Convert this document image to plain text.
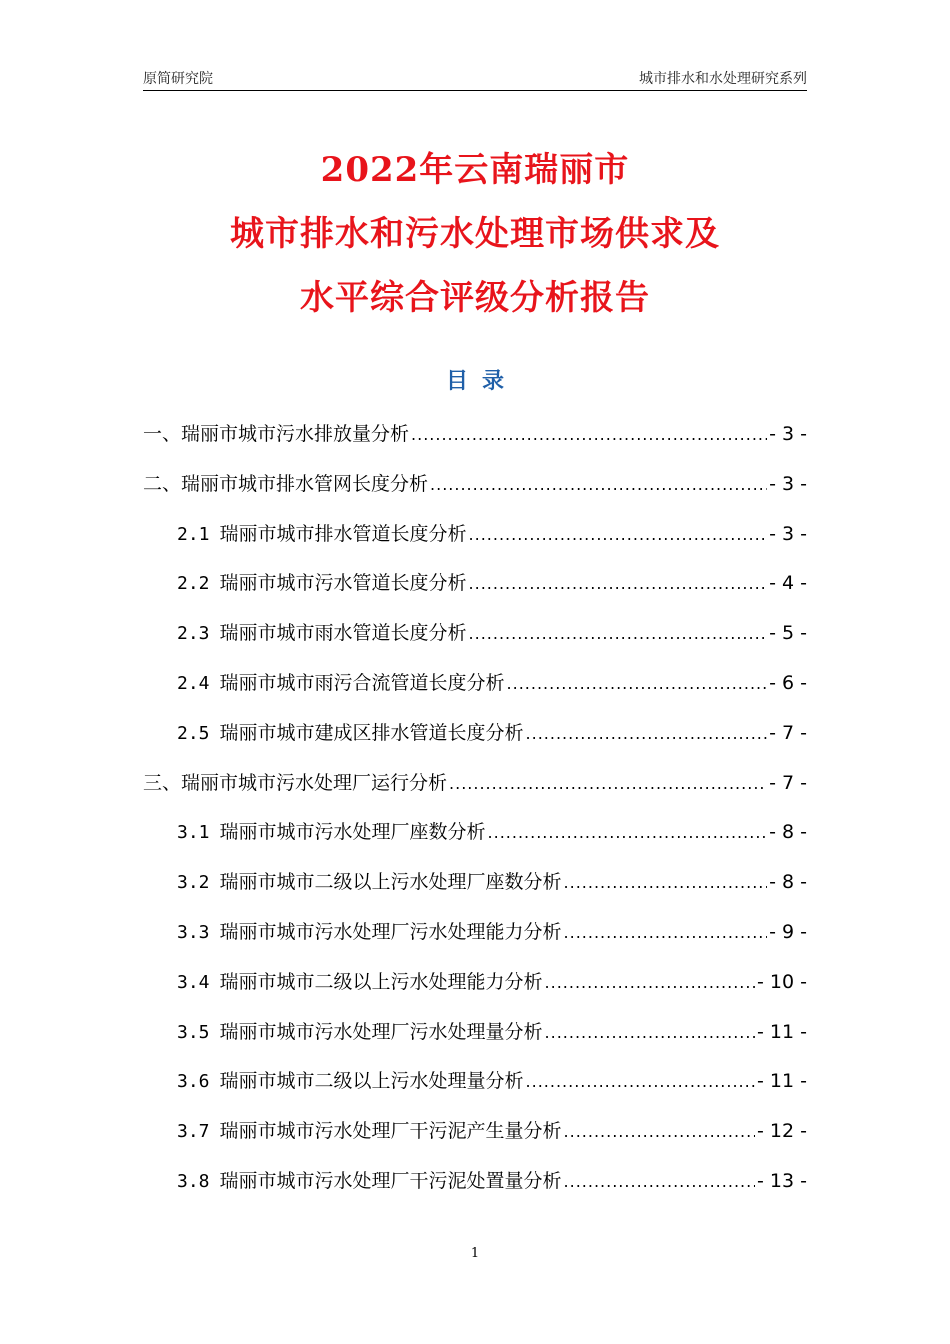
原简研究院	城市排水和水处理研究系列
2022年云南瑞丽市
城市排水和污水处理市场供求及
水平综合评级分析报告
目录
一、瑞丽市城市污水排放量分析 .....	- 3 -
二、瑞丽市城市排水管网长度分析 .....	- 3 -
2.1 瑞丽市城市排水管道长度分析 .....	- 3 -
2.2 瑞丽市城市污水管道长度分析 .....	- 4 -
2.3 瑞丽市城市雨水管道长度分析 .....	- 5 -
2.4 瑞丽市城市雨污合流管道长度分析 .....	- 6 -
2.5 瑞丽市城市建成区排水管道长度分析 .....	- 7 -
三、瑞丽市城市污水处理厂运行分析 .....	- 7 -
3.1 瑞丽市城市污水处理厂座数分析 .....	- 8 -
3.2 瑞丽市城市二级以上污水处理厂座数分析 .....	- 8 -
3.3 瑞丽市城市污水处理厂污水处理能力分析 .....	- 9 -
3.4 瑞丽市城市二级以上污水处理能力分析 .....	- 10 -
3.5 瑞丽市城市污水处理厂污水处理量分析 .....	- 11 -
3.6 瑞丽市城市二级以上污水处理量分析 .....	- 11 -
3.7 瑞丽市城市污水处理厂干污泥产生量分析 .....	- 12 -
3.8 瑞丽市城市污水处理厂干污泥处置量分析 .....	- 13 -
1
